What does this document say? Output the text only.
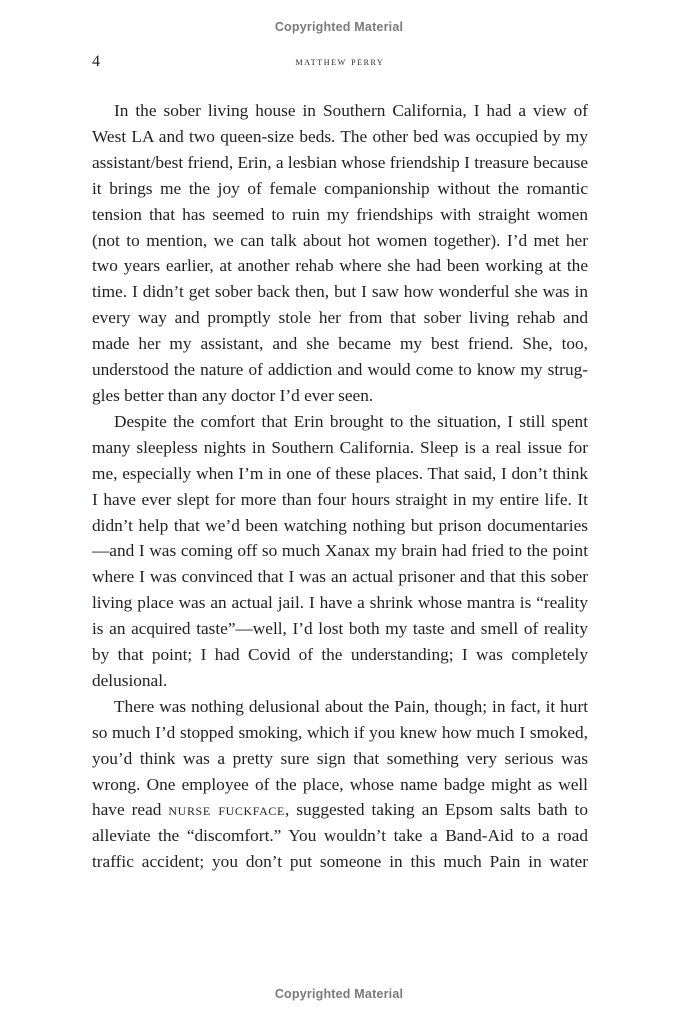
Copyrighted Material
4	matthew perry

In the sober living house in Southern California, I had a view of West LA and two queen-size beds. The other bed was occupied by my assistant/best friend, Erin, a lesbian whose friendship I treasure because it brings me the joy of female companionship without the romantic tension that has seemed to ruin my friendships with straight women (not to mention, we can talk about hot women together). I’d met her two years earlier, at another rehab where she had been working at the time. I didn’t get sober back then, but I saw how wonderful she was in every way and promptly stole her from that sober living rehab and made her my assistant, and she became my best friend. She, too, understood the nature of addiction and would come to know my struggles better than any doctor I’d ever seen.

Despite the comfort that Erin brought to the situation, I still spent many sleepless nights in Southern California. Sleep is a real issue for me, especially when I’m in one of these places. That said, I don’t think I have ever slept for more than four hours straight in my entire life. It didn’t help that we’d been watching nothing but prison documentaries—and I was coming off so much Xanax my brain had fried to the point where I was convinced that I was an actual prisoner and that this sober living place was an actual jail. I have a shrink whose mantra is “reality is an acquired taste”—well, I’d lost both my taste and smell of reality by that point; I had Covid of the understanding; I was completely delusional.

There was nothing delusional about the Pain, though; in fact, it hurt so much I’d stopped smoking, which if you knew how much I smoked, you’d think was a pretty sure sign that something very serious was wrong. One employee of the place, whose name badge might as well have read nurse fuckface, suggested taking an Epsom salts bath to alleviate the “discomfort.” You wouldn’t take a Band-Aid to a road traffic accident; you don’t put someone in this much Pain in water

Copyrighted Material
